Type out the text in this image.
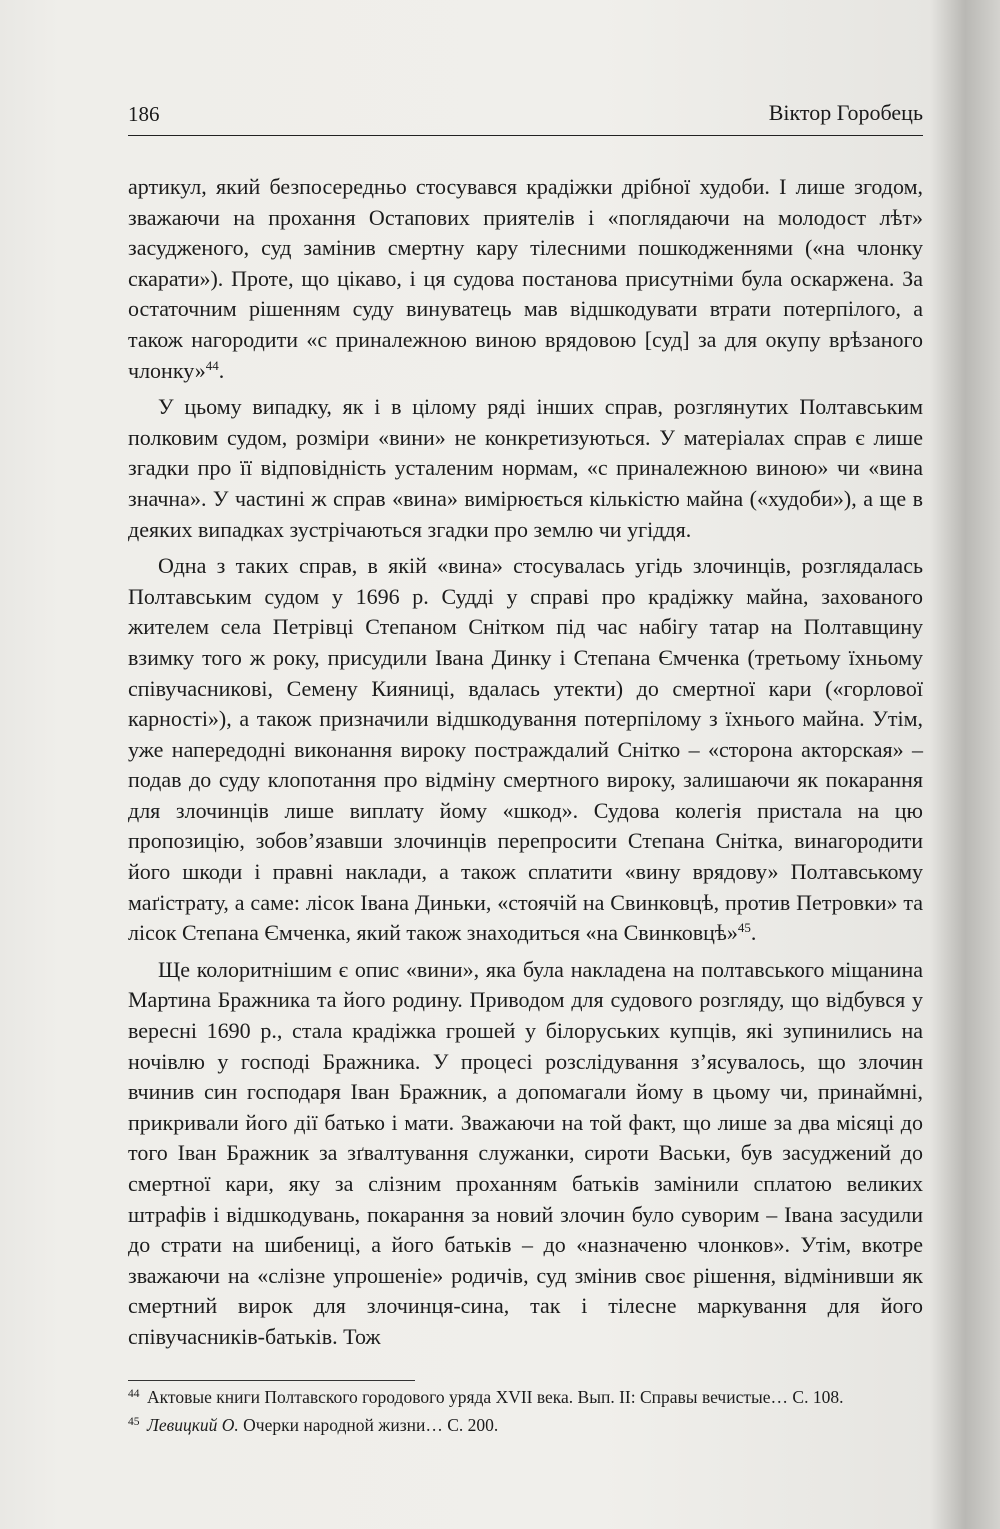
186	Віктор Горобець

артикул, який безпосередньо стосувався крадіжки дрібної худоби. І лише згодом, зважаючи на прохання Остапових приятелів і «поглядаючи на молодост лѣт» засудженого, суд замінив смертну кару тілесними пошкодженнями («на члонку скарати»). Проте, що цікаво, і ця судова постанова присутніми була оскаржена. За остаточним рішенням суду винуватець мав відшкодувати втрати потерпілого, а також нагородити «с приналежною виною врядовою [суд] за для окупу врѣзаного члонку»$^{44}$.

У цьому випадку, як і в цілому ряді інших справ, розглянутих Полтавським полковим судом, розміри «вини» не конкретизуються. У матеріалах справ є лише згадки про її відповідність усталеним нормам, «с приналежною виною» чи «вина значна». У частині ж справ «вина» вимірюється кількістю майна («худоби»), а ще в деяких випадках зустрічаються згадки про землю чи угіддя.

Одна з таких справ, в якій «вина» стосувалась угідь злочинців, розглядалась Полтавським судом у 1696 р. Судді у справі про крадіжку майна, захованого жителем села Петрівці Степаном Снітком під час набігу татар на Полтавщину взимку того ж року, присудили Івана Динку і Степана Ємченка (третьому їхньому співучасникові, Семену Кияниці, вдалась утекти) до смертної кари («горлової карності»), а також призначили відшкодування потерпілому з їхнього майна. Утім, уже напередодні виконання вироку постраждалий Снітко – «сторона акторская» – подав до суду клопотання про відміну смертного вироку, залишаючи як покарання для злочинців лише виплату йому «шкод». Судова колегія пристала на цю пропозицію, зобов’язавши злочинців перепросити Степана Снітка, винагородити його шкоди і правні наклади, а також сплатити «вину врядову» Полтавському маґістрату, а саме: лісок Івана Диньки, «стоячій на Свинковцѣ, против Петровки» та лісок Степана Ємченка, який також знаходиться «на Свинковцѣ»$^{45}$.

Ще колоритнішим є опис «вини», яка була накладена на полтавського міщанина Мартина Бражника та його родину. Приводом для судового розгляду, що відбувся у вересні 1690 р., стала крадіжка грошей у білоруських купців, які зупинились на ночівлю у господі Бражника. У процесі розслідування з’ясувалось, що злочин вчинив син господаря Іван Бражник, а допомагали йому в цьому чи, принаймні, прикривали його дії батько і мати. Зважаючи на той факт, що лише за два місяці до того Іван Бражник за зґвалтування служанки, сироти Васьки, був засуджений до смертної кари, яку за слізним проханням батьків замінили сплатою великих штрафів і відшкодувань, покарання за новий злочин було суворим – Івана засудили до страти на шибениці, а його батьків – до «назначеню члонков». Утім, вкотре зважаючи на «слізне упрошеніе» родичів, суд змінив своє рішення, відмінивши як смертний вирок для злочинця-сина, так і тілесне маркування для його співучасників-батьків. Тож

44 Актовые книги Полтавского городового уряда XVII века. Вып. II: Справы вечистые… С. 108.
45 Левицкий О. Очерки народной жизни… С. 200.
